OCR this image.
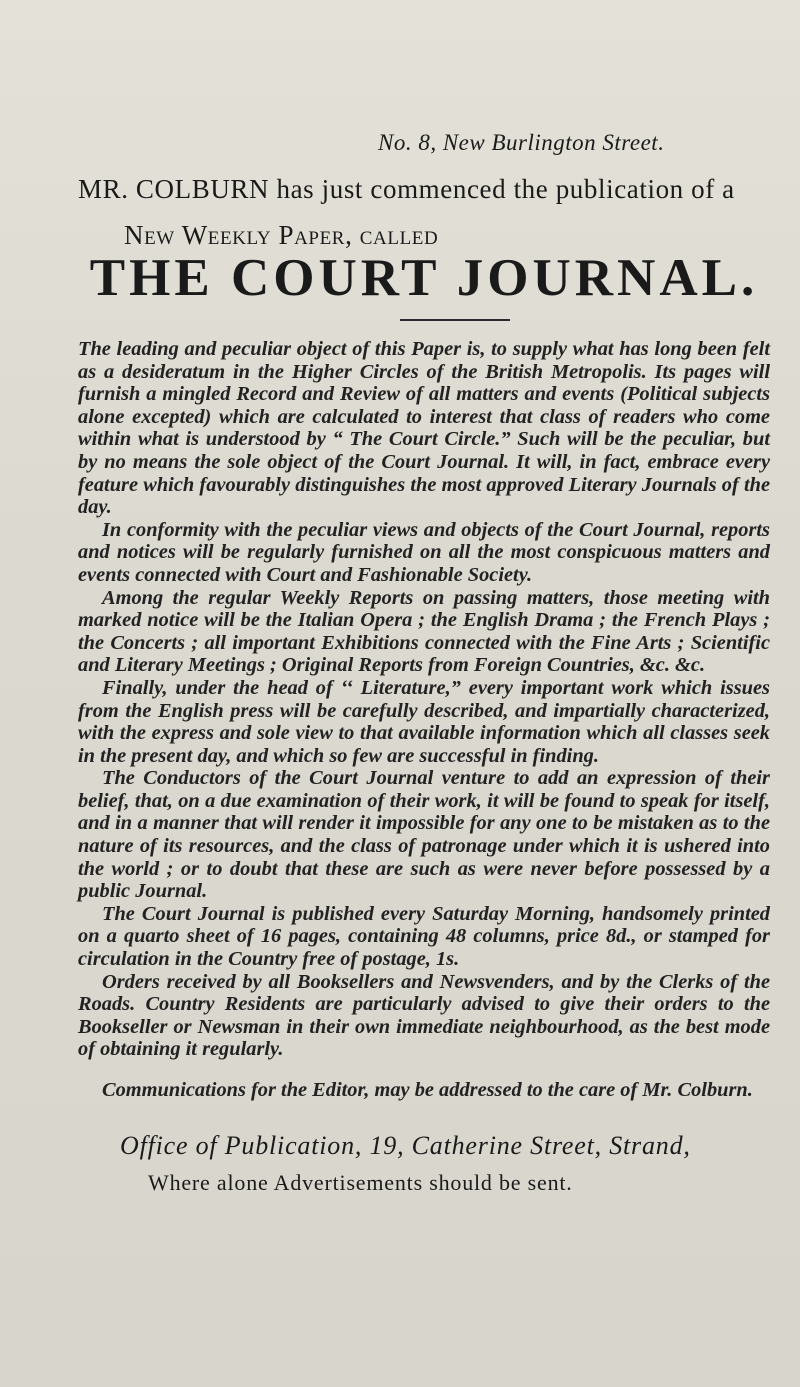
No. 8, New Burlington Street.
MR. COLBURN has just commenced the publication of a
New Weekly Paper, called
THE COURT JOURNAL.

The leading and peculiar object of this Paper is, to supply what has long been felt as a desideratum in the Higher Circles of the British Metropolis. Its pages will furnish a mingled Record and Review of all matters and events (Political subjects alone excepted) which are calculated to interest that class of readers who come within what is understood by “ The Court Circle.” Such will be the peculiar, but by no means the sole object of the Court Journal. It will, in fact, embrace every feature which favourably distinguishes the most approved Literary Journals of the day.

In conformity with the peculiar views and objects of the Court Journal, reports and notices will be regularly furnished on all the most conspicuous matters and events connected with Court and Fashionable Society.

Among the regular Weekly Reports on passing matters, those meeting with marked notice will be the Italian Opera ; the English Drama ; the French Plays ; the Concerts ; all important Exhibitions connected with the Fine Arts ; Scientific and Literary Meetings ; Original Reports from Foreign Countries, &c. &c.

Finally, under the head of ‘‘ Literature,” every important work which issues from the English press will be carefully described, and impartially characterized, with the express and sole view to that available information which all classes seek in the present day, and which so few are successful in finding.

The Conductors of the Court Journal venture to add an expression of their belief, that, on a due examination of their work, it will be found to speak for itself, and in a manner that will render it impossible for any one to be mistaken as to the nature of its resources, and the class of patronage under which it is ushered into the world ; or to doubt that these are such as were never before possessed by a public Journal.

The Court Journal is published every Saturday Morning, handsomely printed on a quarto sheet of 16 pages, containing 48 columns, price 8d., or stamped for circulation in the Country free of postage, 1s.

Orders received by all Booksellers and Newsvenders, and by the Clerks of the Roads. Country Residents are particularly advised to give their orders to the Bookseller or Newsman in their own immediate neighbourhood, as the best mode of obtaining it regularly.

Communications for the Editor, may be addressed to the care of Mr. Colburn.

Office of Publication, 19, Catherine Street, Strand,
Where alone Advertisements should be sent.
